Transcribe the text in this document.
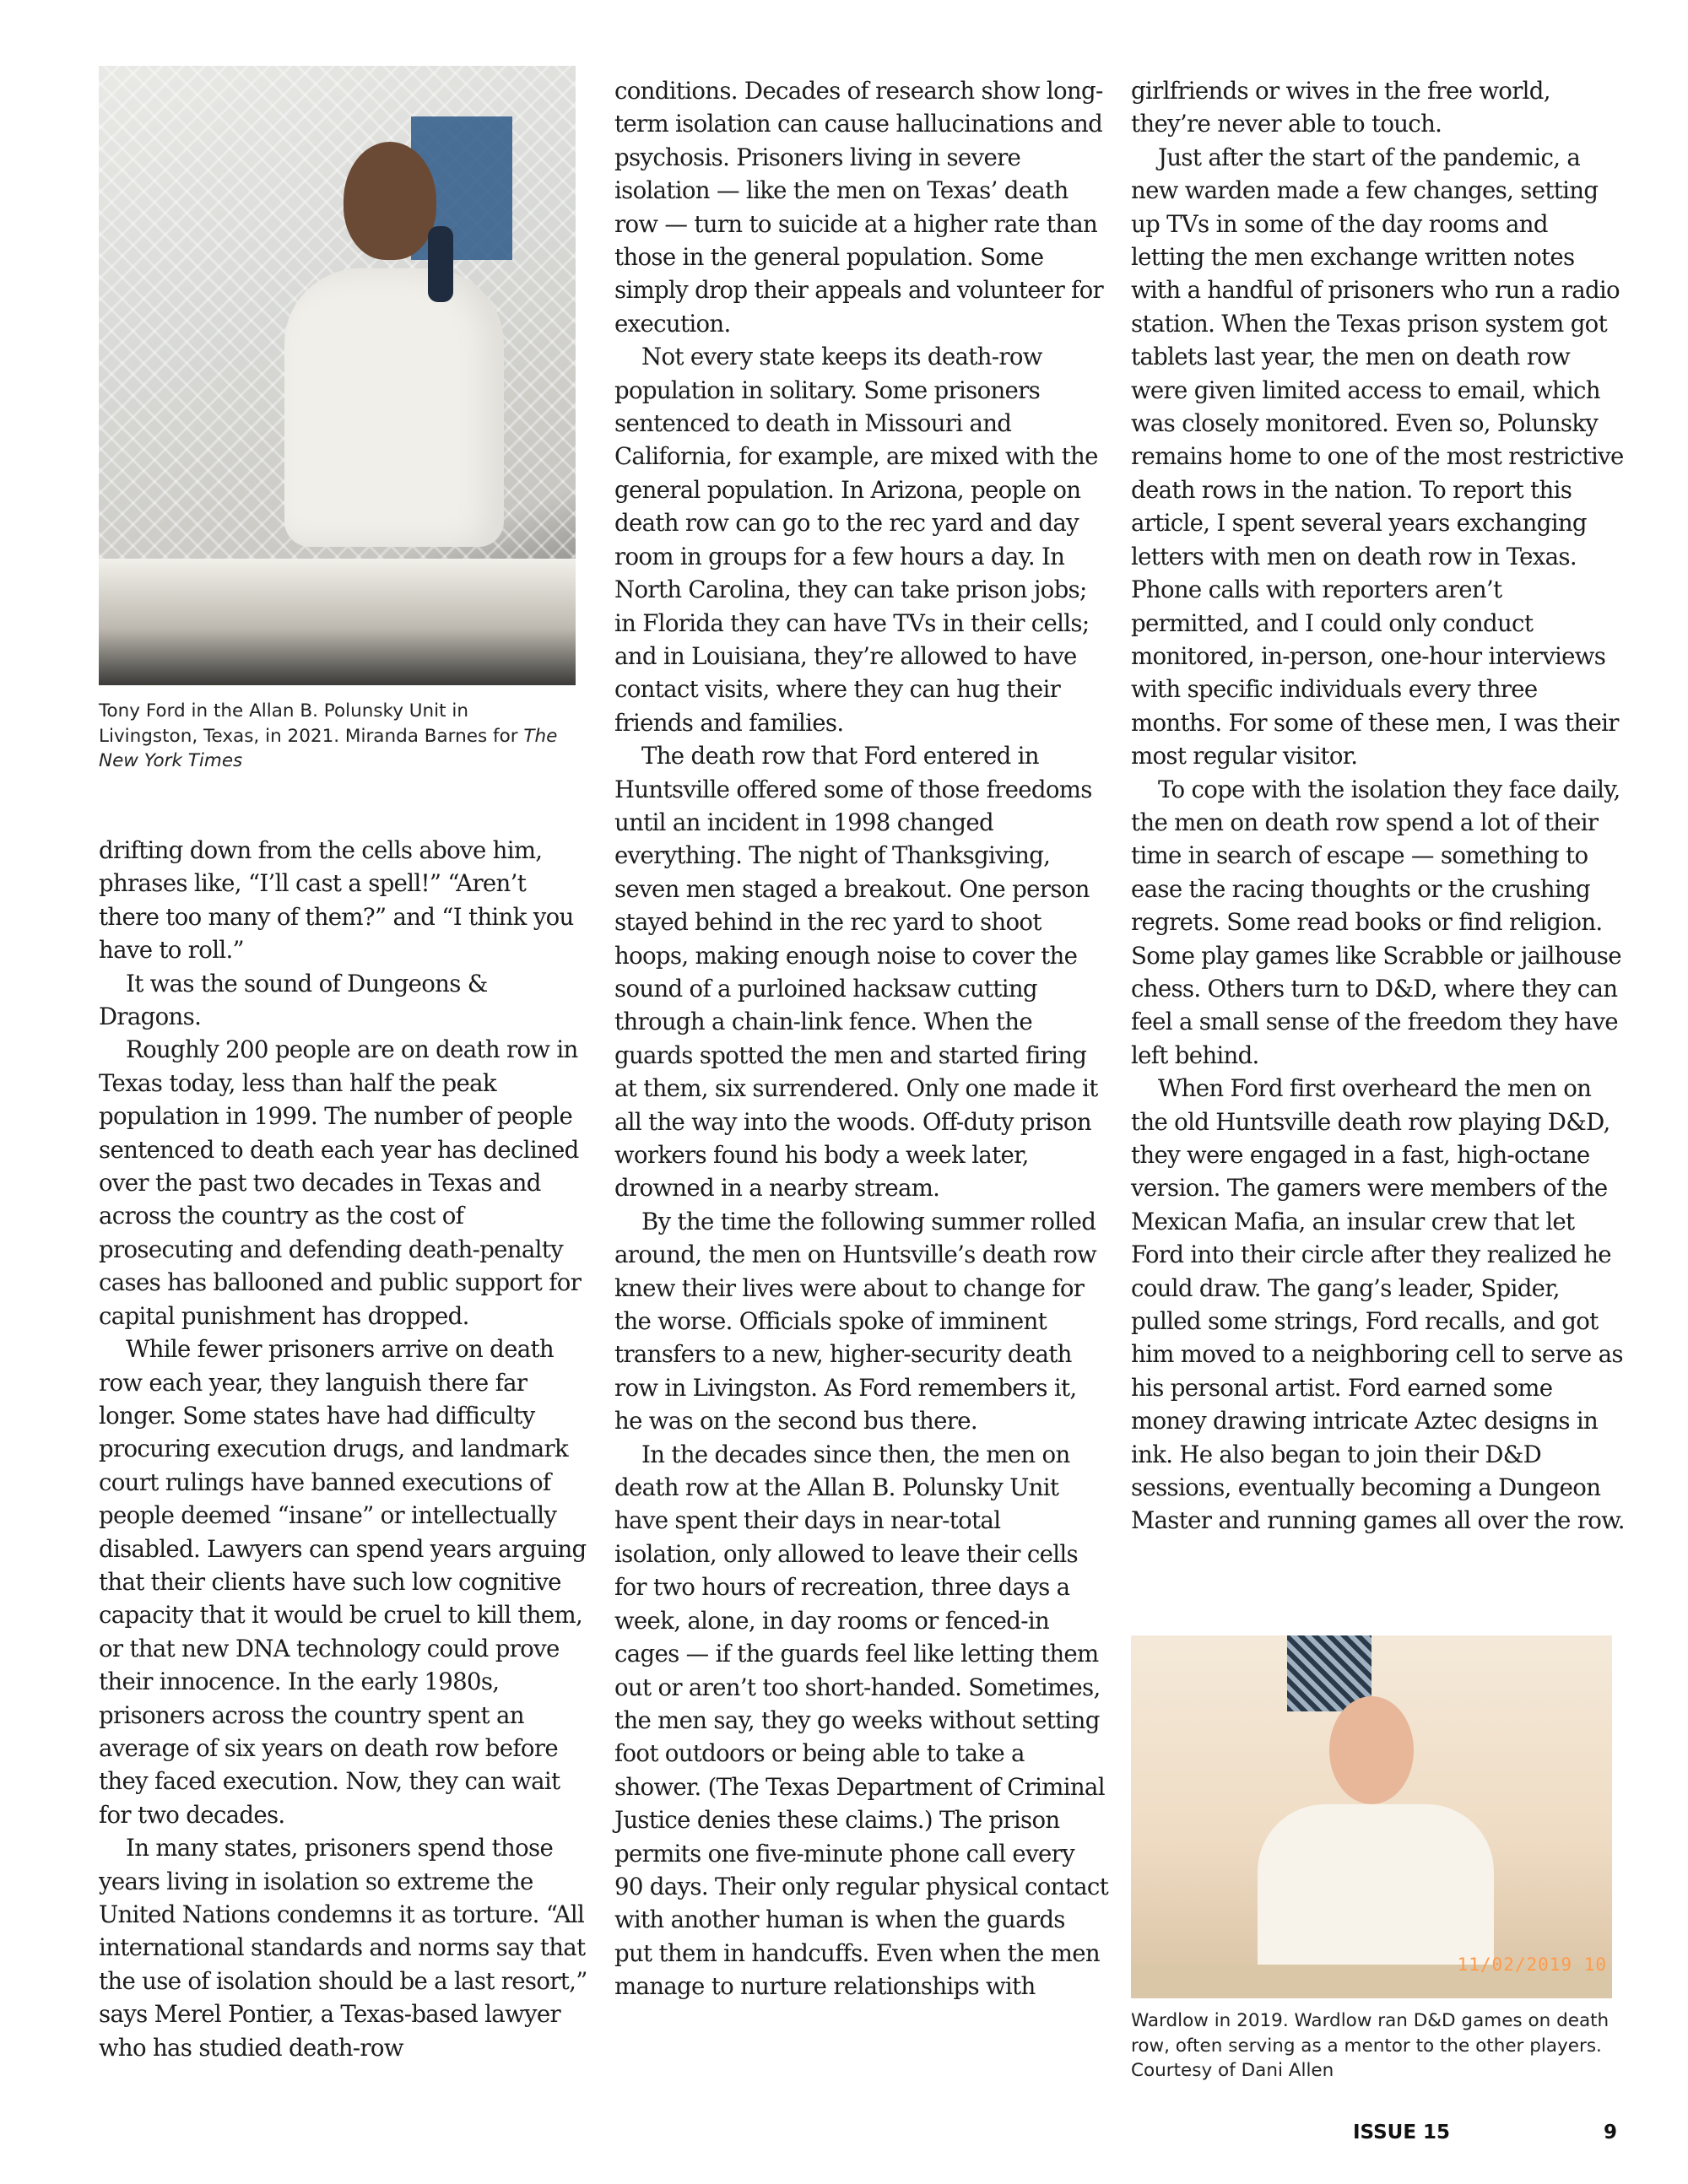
Tony Ford in the Allan B. Polunsky Unit in Livingston, Texas, in 2021. Miranda Barnes for The New York Times

drifting down from the cells above him, phrases like, “I’ll cast a spell!” “Aren’t there too many of them?” and “I think you have to roll.”

It was the sound of Dungeons & Dragons.

Roughly 200 people are on death row in Texas today, less than half the peak population in 1999. The number of people sentenced to death each year has declined over the past two decades in Texas and across the country as the cost of prosecuting and defending death-penalty cases has ballooned and public support for capital punishment has dropped.

While fewer prisoners arrive on death row each year, they languish there far longer. Some states have had difficulty procuring execution drugs, and landmark court rulings have banned executions of people deemed “insane” or intellectually disabled. Lawyers can spend years arguing that their clients have such low cognitive capacity that it would be cruel to kill them, or that new DNA technology could prove their innocence. In the early 1980s, prisoners across the country spent an average of six years on death row before they faced execution. Now, they can wait for two decades.

In many states, prisoners spend those years living in isolation so extreme the United Nations condemns it as torture. “All international standards and norms say that the use of isolation should be a last resort,” says Merel Pontier, a Texas-based lawyer who has studied death-row

conditions. Decades of research show long-term isolation can cause hallucinations and psychosis. Prisoners living in severe isolation — like the men on Texas’ death row — turn to suicide at a higher rate than those in the general population. Some simply drop their appeals and volunteer for execution.

Not every state keeps its death-row population in solitary. Some prisoners sentenced to death in Missouri and California, for example, are mixed with the general population. In Arizona, people on death row can go to the rec yard and day room in groups for a few hours a day. In North Carolina, they can take prison jobs; in Florida they can have TVs in their cells; and in Louisiana, they’re allowed to have contact visits, where they can hug their friends and families.

The death row that Ford entered in Huntsville offered some of those freedoms until an incident in 1998 changed everything. The night of Thanksgiving, seven men staged a breakout. One person stayed behind in the rec yard to shoot hoops, making enough noise to cover the sound of a purloined hacksaw cutting through a chain-link fence. When the guards spotted the men and started firing at them, six surrendered. Only one made it all the way into the woods. Off-duty prison workers found his body a week later, drowned in a nearby stream.

By the time the following summer rolled around, the men on Huntsville’s death row knew their lives were about to change for the worse. Officials spoke of imminent transfers to a new, higher-security death row in Livingston. As Ford remembers it, he was on the second bus there.

In the decades since then, the men on death row at the Allan B. Polunsky Unit have spent their days in near-total isolation, only allowed to leave their cells for two hours of recreation, three days a week, alone, in day rooms or fenced-in cages — if the guards feel like letting them out or aren’t too short-handed. Sometimes, the men say, they go weeks without setting foot outdoors or being able to take a shower. (The Texas Department of Criminal Justice denies these claims.) The prison permits one five-minute phone call every 90 days. Their only regular physical contact with another human is when the guards put them in handcuffs. Even when the men manage to nurture relationships with

girlfriends or wives in the free world, they’re never able to touch.

Just after the start of the pandemic, a new warden made a few changes, setting up TVs in some of the day rooms and letting the men exchange written notes with a handful of prisoners who run a radio station. When the Texas prison system got tablets last year, the men on death row were given limited access to email, which was closely monitored. Even so, Polunsky remains home to one of the most restrictive death rows in the nation. To report this article, I spent several years exchanging letters with men on death row in Texas. Phone calls with reporters aren’t permitted, and I could only conduct monitored, in-person, one-hour interviews with specific individuals every three months. For some of these men, I was their most regular visitor.

To cope with the isolation they face daily, the men on death row spend a lot of their time in search of escape — something to ease the racing thoughts or the crushing regrets. Some read books or find religion. Some play games like Scrabble or jailhouse chess. Others turn to D&D, where they can feel a small sense of the freedom they have left behind.

When Ford first overheard the men on the old Huntsville death row playing D&D, they were engaged in a fast, high-octane version. The gamers were members of the Mexican Mafia, an insular crew that let Ford into their circle after they realized he could draw. The gang’s leader, Spider, pulled some strings, Ford recalls, and got him moved to a neighboring cell to serve as his personal artist. Ford earned some money drawing intricate Aztec designs in ink. He also began to join their D&D sessions, eventually becoming a Dungeon Master and running games all over the row.

11/02/2019 10
Wardlow in 2019. Wardlow ran D&D games on death row, often serving as a mentor to the other players. Courtesy of Dani Allen
ISSUE 15	9
